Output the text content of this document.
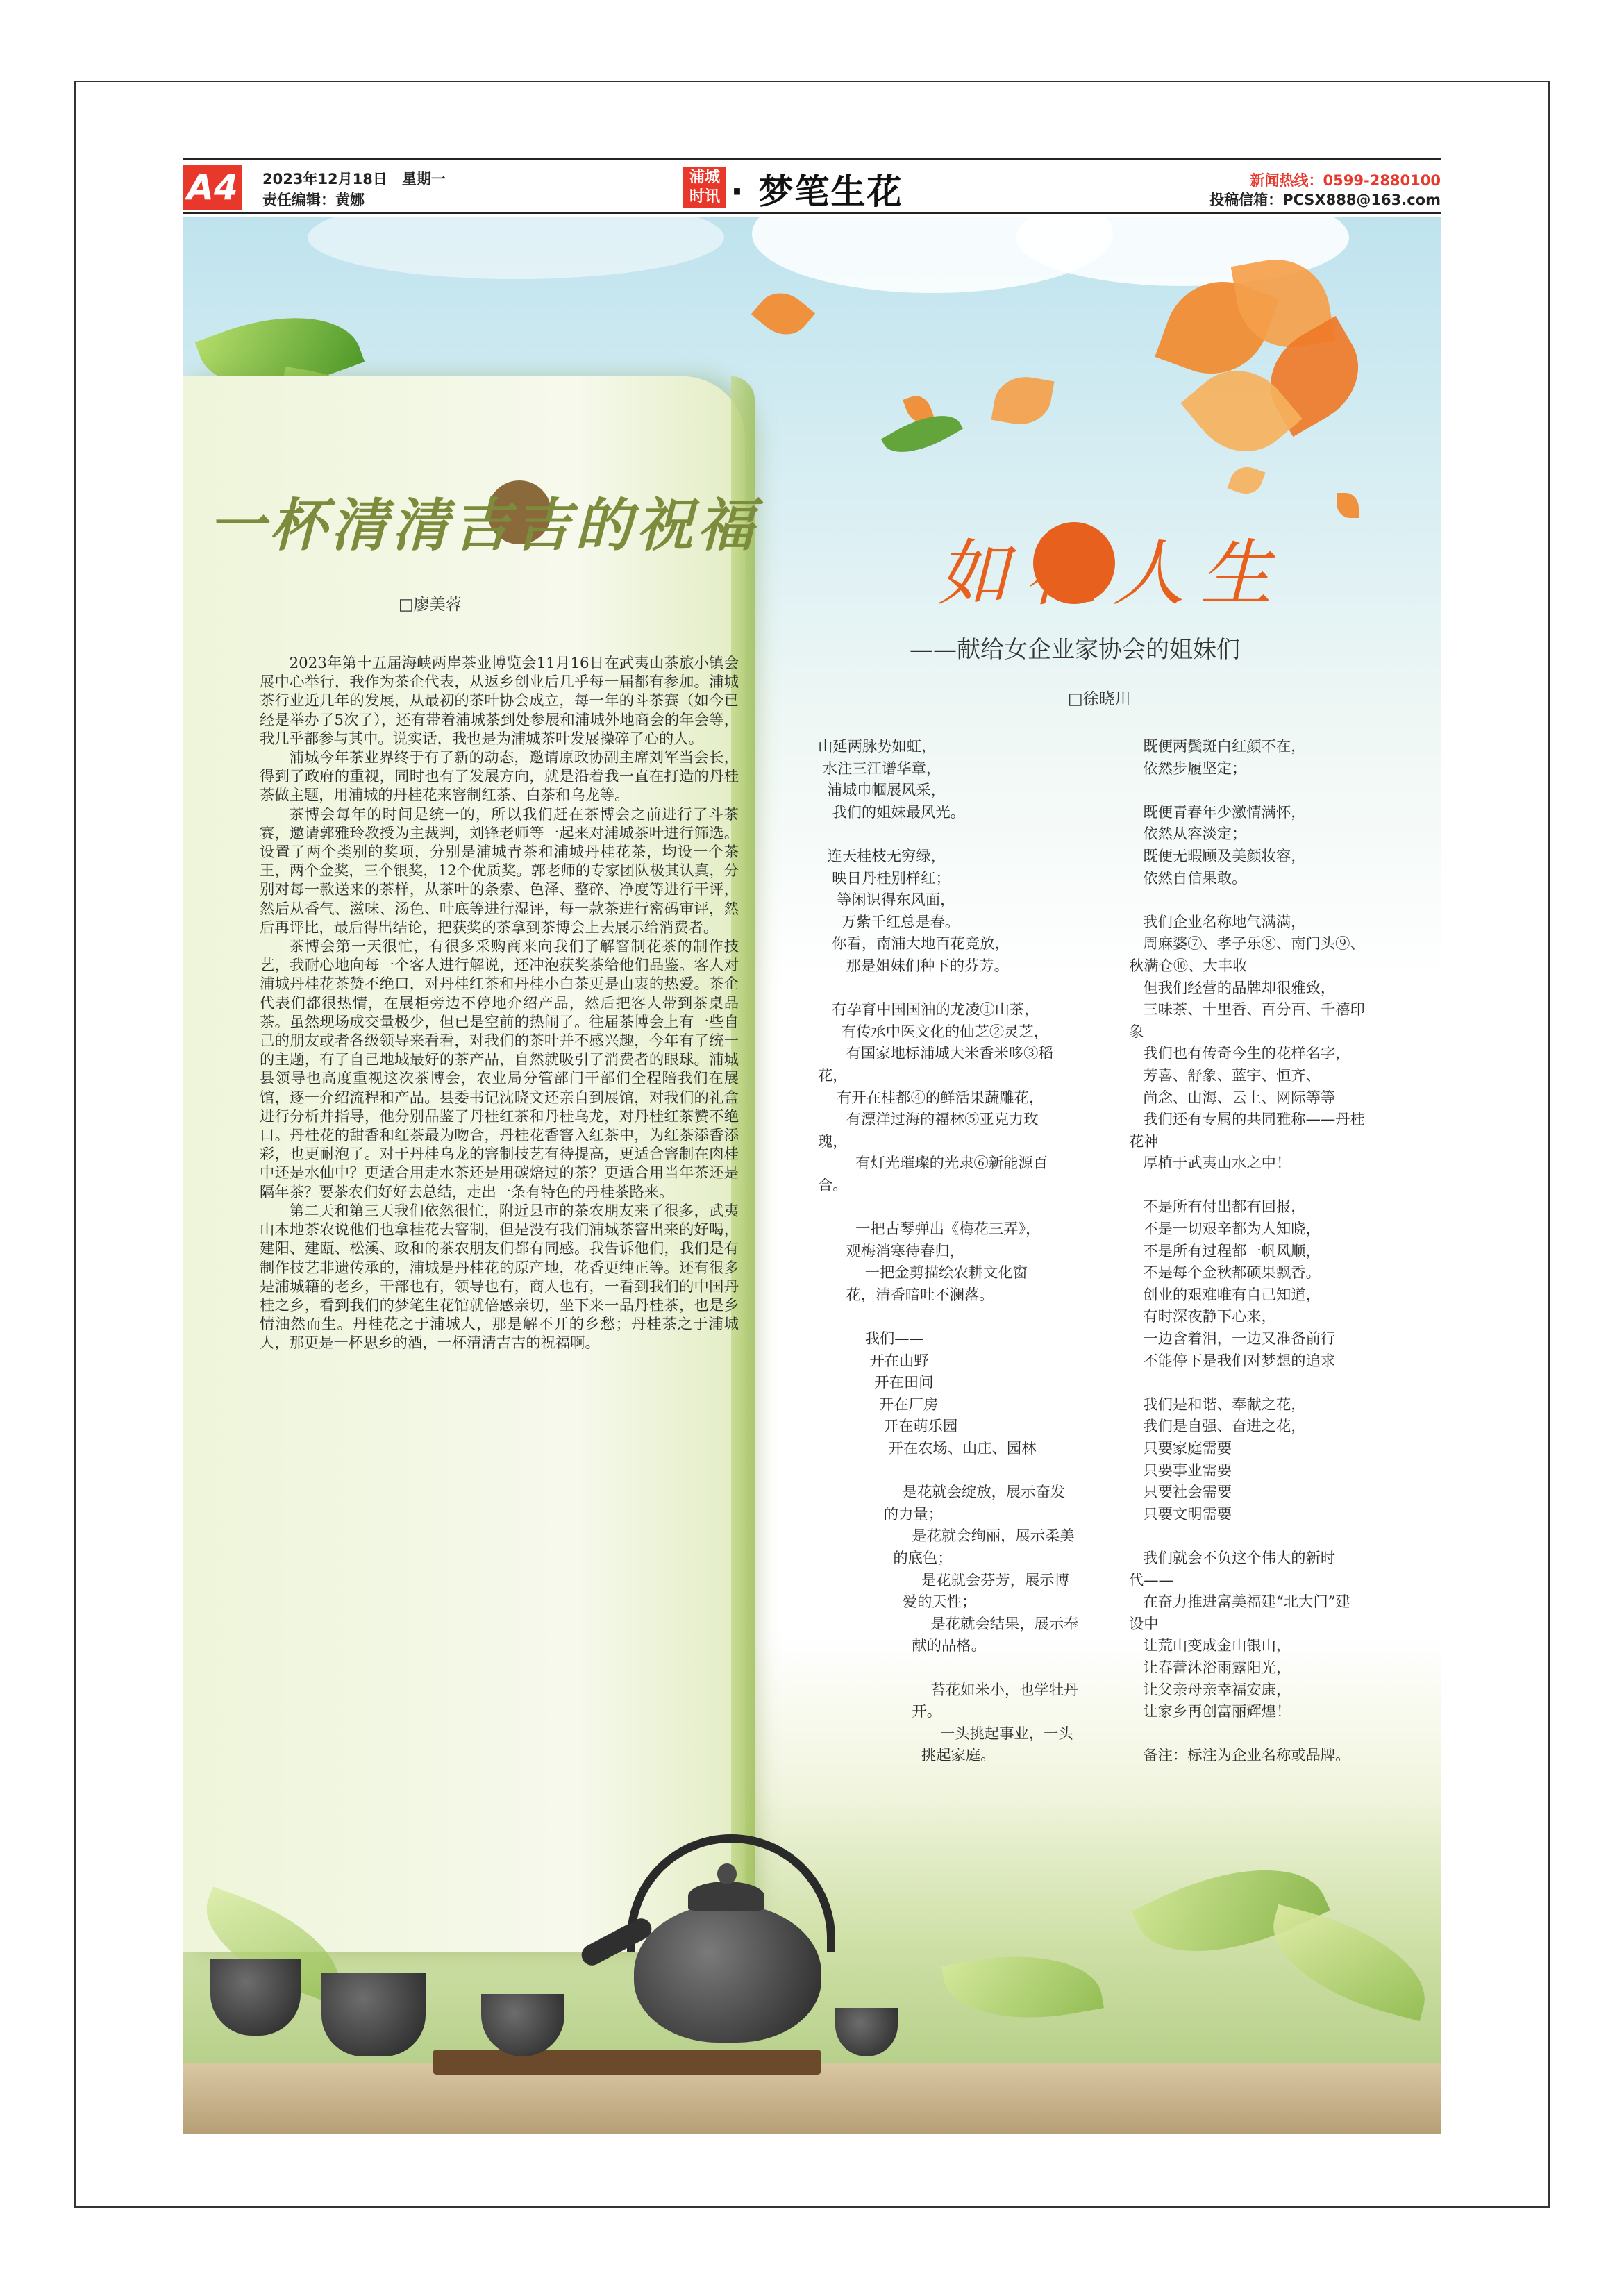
A4 2023年12月18日　星期一
责任编辑：黄娜
浦城时讯 · 梦笔生花	新闻热线：0599-2880100
投稿信箱：PCSX888@163.com
一杯清清吉吉的祝福
□廖美蓉

2023年第十五届海峡两岸茶业博览会11月16日在武夷山茶旅小镇会展中心举行，我作为茶企代表，从返乡创业后几乎每一届都有参加。浦城茶行业近几年的发展，从最初的茶叶协会成立，每一年的斗茶赛（如今已经是举办了5次了），还有带着浦城茶到处参展和浦城外地商会的年会等，我几乎都参与其中。说实话，我也是为浦城茶叶发展操碎了心的人。

浦城今年茶业界终于有了新的动态，邀请原政协副主席刘军当会长，得到了政府的重视，同时也有了发展方向，就是沿着我一直在打造的丹桂茶做主题，用浦城的丹桂花来窨制红茶、白茶和乌龙等。

茶博会每年的时间是统一的，所以我们赶在茶博会之前进行了斗茶赛，邀请郭雅玲教授为主裁判，刘锋老师等一起来对浦城茶叶进行筛选。设置了两个类别的奖项，分别是浦城青茶和浦城丹桂花茶，均设一个茶王，两个金奖，三个银奖，12个优质奖。郭老师的专家团队极其认真，分别对每一款送来的茶样，从茶叶的条索、色泽、整碎、净度等进行干评，然后从香气、滋味、汤色、叶底等进行湿评，每一款茶进行密码审评，然后再评比，最后得出结论，把获奖的茶拿到茶博会上去展示给消费者。

茶博会第一天很忙，有很多采购商来向我们了解窨制花茶的制作技艺，我耐心地向每一个客人进行解说，还冲泡获奖茶给他们品鉴。客人对浦城丹桂花茶赞不绝口，对丹桂红茶和丹桂小白茶更是由衷的热爱。茶企代表们都很热情，在展柜旁边不停地介绍产品，然后把客人带到茶桌品茶。虽然现场成交量极少，但已是空前的热闹了。往届茶博会上有一些自己的朋友或者各级领导来看看，对我们的茶叶并不感兴趣，今年有了统一的主题，有了自己地域最好的茶产品，自然就吸引了消费者的眼球。浦城县领导也高度重视这次茶博会，农业局分管部门干部们全程陪我们在展馆，逐一介绍流程和产品。县委书记沈晓文还亲自到展馆，对我们的礼盒进行分析并指导，他分别品鉴了丹桂红茶和丹桂乌龙，对丹桂红茶赞不绝口。丹桂花的甜香和红茶最为吻合，丹桂花香窨入红茶中，为红茶添香添彩，也更耐泡了。对于丹桂乌龙的窨制技艺有待提高，更适合窨制在肉桂中还是水仙中？更适合用走水茶还是用碳焙过的茶？更适合用当年茶还是隔年茶？要茶农们好好去总结，走出一条有特色的丹桂茶路来。

第二天和第三天我们依然很忙，附近县市的茶农朋友来了很多，武夷山本地茶农说他们也拿桂花去窨制，但是没有我们浦城茶窨出来的好喝，建阳、建瓯、松溪、政和的茶农朋友们都有同感。我告诉他们，我们是有制作技艺非遗传承的，浦城是丹桂花的原产地，花香更纯正等。还有很多是浦城籍的老乡，干部也有，领导也有，商人也有，一看到我们的中国丹桂之乡，看到我们的梦笔生花馆就倍感亲切，坐下来一品丹桂茶，也是乡情油然而生。丹桂花之于浦城人，那是解不开的乡愁；丹桂茶之于浦城人，那更是一杯思乡的酒，一杯清清吉吉的祝福啊。

如花人生
——献给女企业家协会的姐妹们
□徐晓川
山延两脉势如虹，
水注三江谱华章，
浦城巾帼展风采，
我们的姐妹最风光。

连天桂枝无穷绿，
映日丹桂别样红；
等闲识得东风面，
万紫千红总是春。
你看，南浦大地百花竞放，
那是姐妹们种下的芬芳。

有孕育中国国油的龙凌①山茶，
有传承中医文化的仙芝②灵芝，
有国家地标浦城大米香米哆③稻
花，
有开在桂都④的鲜活果蔬雕花，
有漂洋过海的福林⑤亚克力玫
瑰，
有灯光璀璨的光隶⑥新能源百
合。

一把古琴弹出《梅花三弄》，
观梅消寒待春归，
一把金剪描绘农耕文化窗
花，清香暗吐不澜落。

我们——
开在山野
开在田间
开在厂房
开在萌乐园
开在农场、山庄、园林

是花就会绽放，展示奋发
的力量；
是花就会绚丽，展示柔美
的底色；
是花就会芬芳，展示博
爱的天性；
是花就会结果，展示奉
献的品格。

苔花如米小，也学牡丹
开。
一头挑起事业，一头
挑起家庭。
既便两鬓斑白红颜不在，
依然步履坚定；

既便青春年少激情满怀，
依然从容淡定；
既便无暇顾及美颜妆容，
依然自信果敢。

我们企业名称地气满满，
周麻婆⑦、孝子乐⑧、南门头⑨、
秋满仓⑩、大丰收
但我们经营的品牌却很雅致，
三味茶、十里香、百分百、千禧印
象
我们也有传奇今生的花样名字，
芳喜、舒象、蓝宇、恒齐、
尚念、山海、云上、网际等等
我们还有专属的共同雅称——丹桂
花神
厚植于武夷山水之中！

不是所有付出都有回报，
不是一切艰辛都为人知晓，
不是所有过程都一帆风顺，
不是每个金秋都硕果飘香。
创业的艰难唯有自己知道，
有时深夜静下心来，
一边含着泪，一边又准备前行
不能停下是我们对梦想的追求

我们是和谐、奉献之花，
我们是自强、奋进之花，
只要家庭需要
只要事业需要
只要社会需要
只要文明需要

我们就会不负这个伟大的新时
代——
在奋力推进富美福建“北大门”建
设中
让荒山变成金山银山，
让春蕾沐浴雨露阳光，
让父亲母亲幸福安康，
让家乡再创富丽辉煌！

备注：标注为企业名称或品牌。
